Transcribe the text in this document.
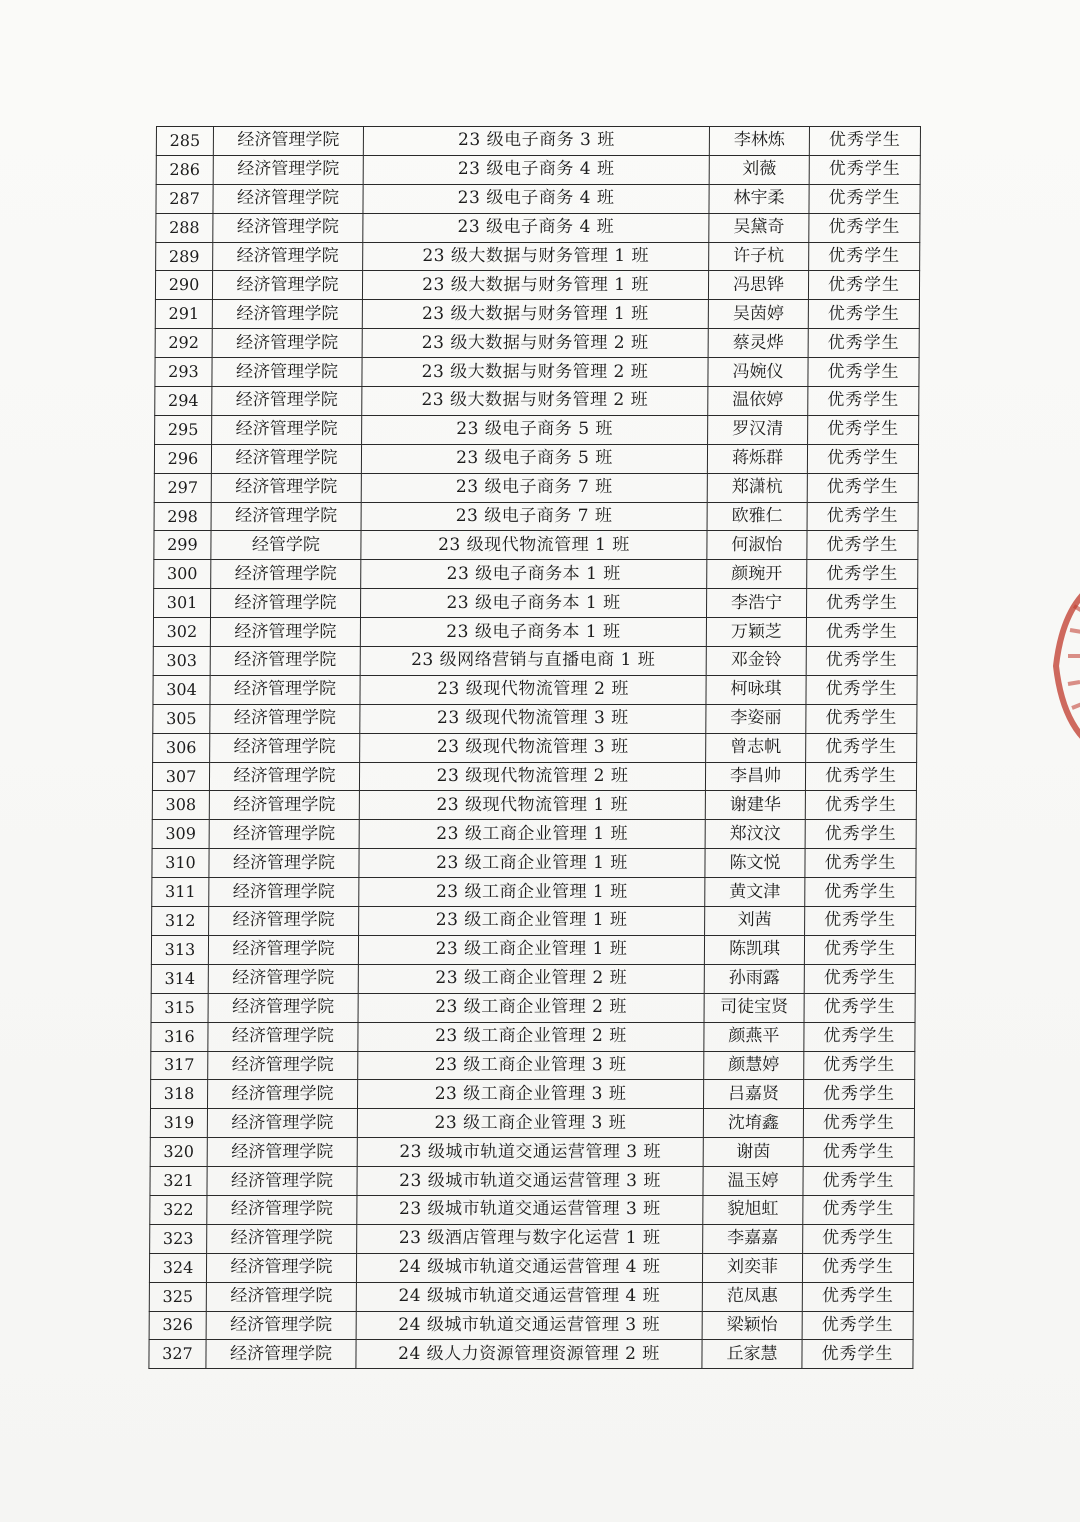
285	经济管理学院	23 级电子商务 3 班	李林炼	优秀学生
286	经济管理学院	23 级电子商务 4 班	刘薇	优秀学生
287	经济管理学院	23 级电子商务 4 班	林宇柔	优秀学生
288	经济管理学院	23 级电子商务 4 班	吴黛奇	优秀学生
289	经济管理学院	23 级大数据与财务管理 1 班	许子杭	优秀学生
290	经济管理学院	23 级大数据与财务管理 1 班	冯思铧	优秀学生
291	经济管理学院	23 级大数据与财务管理 1 班	吴茵婷	优秀学生
292	经济管理学院	23 级大数据与财务管理 2 班	蔡灵烨	优秀学生
293	经济管理学院	23 级大数据与财务管理 2 班	冯婉仪	优秀学生
294	经济管理学院	23 级大数据与财务管理 2 班	温依婷	优秀学生
295	经济管理学院	23 级电子商务 5 班	罗汉清	优秀学生
296	经济管理学院	23 级电子商务 5 班	蒋烁群	优秀学生
297	经济管理学院	23 级电子商务 7 班	郑潇杭	优秀学生
298	经济管理学院	23 级电子商务 7 班	欧雅仁	优秀学生
299	经管学院	23 级现代物流管理 1 班	何淑怡	优秀学生
300	经济管理学院	23 级电子商务本 1 班	颜琬开	优秀学生
301	经济管理学院	23 级电子商务本 1 班	李浩宁	优秀学生
302	经济管理学院	23 级电子商务本 1 班	万颖芝	优秀学生
303	经济管理学院	23 级网络营销与直播电商 1 班	邓金铃	优秀学生
304	经济管理学院	23 级现代物流管理 2 班	柯咏琪	优秀学生
305	经济管理学院	23 级现代物流管理 3 班	李姿丽	优秀学生
306	经济管理学院	23 级现代物流管理 3 班	曾志帆	优秀学生
307	经济管理学院	23 级现代物流管理 2 班	李昌帅	优秀学生
308	经济管理学院	23 级现代物流管理 1 班	谢建华	优秀学生
309	经济管理学院	23 级工商企业管理 1 班	郑汶汶	优秀学生
310	经济管理学院	23 级工商企业管理 1 班	陈文悦	优秀学生
311	经济管理学院	23 级工商企业管理 1 班	黄文津	优秀学生
312	经济管理学院	23 级工商企业管理 1 班	刘茜	优秀学生
313	经济管理学院	23 级工商企业管理 1 班	陈凯琪	优秀学生
314	经济管理学院	23 级工商企业管理 2 班	孙雨露	优秀学生
315	经济管理学院	23 级工商企业管理 2 班	司徒宝贤	优秀学生
316	经济管理学院	23 级工商企业管理 2 班	颜燕平	优秀学生
317	经济管理学院	23 级工商企业管理 3 班	颜慧婷	优秀学生
318	经济管理学院	23 级工商企业管理 3 班	吕嘉贤	优秀学生
319	经济管理学院	23 级工商企业管理 3 班	沈堉鑫	优秀学生
320	经济管理学院	23 级城市轨道交通运营管理 3 班	谢茵	优秀学生
321	经济管理学院	23 级城市轨道交通运营管理 3 班	温玉婷	优秀学生
322	经济管理学院	23 级城市轨道交通运营管理 3 班	貌旭虹	优秀学生
323	经济管理学院	23 级酒店管理与数字化运营 1 班	李嘉嘉	优秀学生
324	经济管理学院	24 级城市轨道交通运营管理 4 班	刘奕菲	优秀学生
325	经济管理学院	24 级城市轨道交通运营管理 4 班	范凤惠	优秀学生
326	经济管理学院	24 级城市轨道交通运营管理 3 班	梁颖怡	优秀学生
327	经济管理学院	24 级人力资源管理资源管理 2 班	丘家慧	优秀学生
